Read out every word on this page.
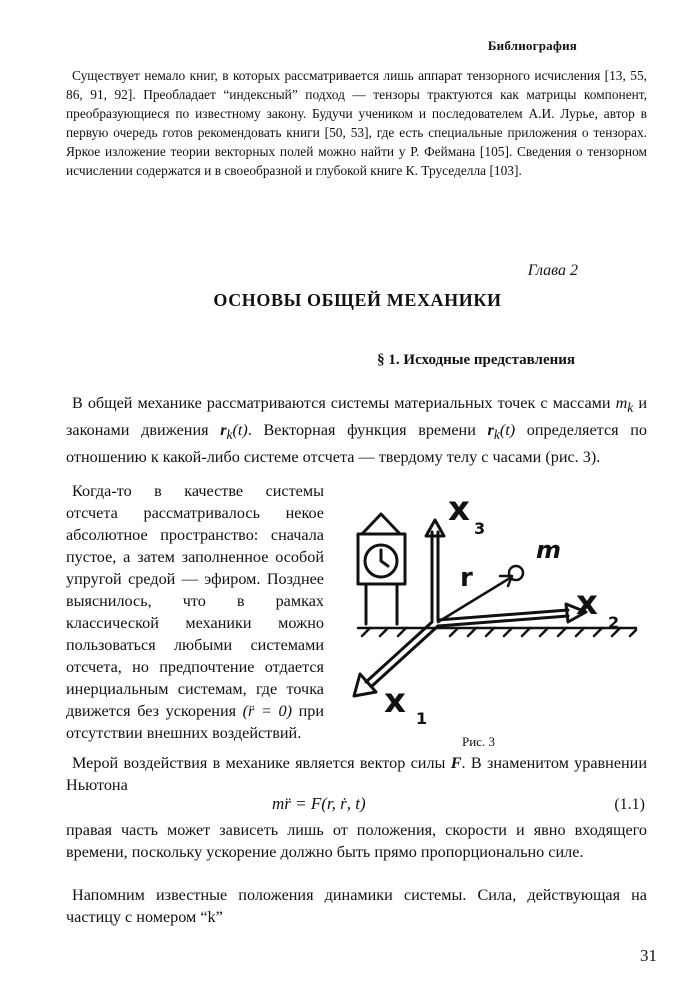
Библиография

Существует немало книг, в которых рассматривается лишь аппарат тензорного исчисления [13, 55, 86, 91, 92]. Преобладает “индексный” подход — тензоры трактуются как матрицы компонент, преобразующиеся по известному закону. Будучи учеником и последователем А.И. Лурье, автор в первую очередь готов рекомендовать книги [50, 53], где есть специальные приложения о тензорах. Яркое изложение теории векторных полей можно найти у Р. Феймана [105]. Сведения о тензорном исчислении содержатся и в своеобразной и глубокой книге К. Труседелла [103].

Глава 2
ОСНОВЫ ОБЩЕЙ МЕХАНИКИ
§ 1. Исходные представления

В общей механике рассматриваются системы материальных точек с массами $m_k$ и законами движения $r_k(t)$. Векторная функция времени $r_k(t)$ определяется по отношению к какой-либо системе отсчета — твердому телу с часами (рис. 3).

Когда-то в качестве системы отсчета рассматривалось некое абсолютное пространство: сначала пустое, а затем заполненное особой упругой средой — эфиром. Позднее выяснилось, что в рамках классической механики можно пользоваться любыми системами отсчета, но предпочтение отдается инерциальным системам, где точка движется без ускорения (r̈ = 0) при отсутствии внешних воздействий.

x 3
m
r
x 2
x 1
Рис. 3

Мерой воздействия в механике является вектор силы F. В знаменитом уравнении Ньютона

mr̈ = F(r, ṙ, t)	(1.1)

правая часть может зависеть лишь от положения, скорости и явно входящего времени, поскольку ускорение должно быть прямо пропорционально силе.

Напомним известные положения динамики системы. Сила, действующая на частицу с номером “k”

31
